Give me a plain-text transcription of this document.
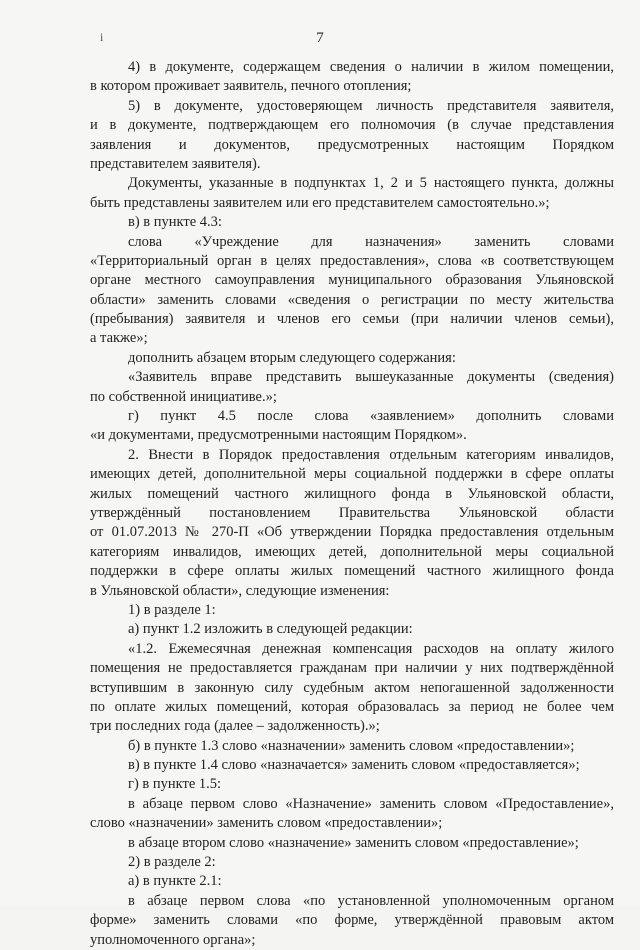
i	7
4) в документе, содержащем сведения о наличии в жилом помещении,
в котором проживает заявитель, печного отопления;
5) в документе, удостоверяющем личность представителя заявителя,
и в документе, подтверждающем его полномочия (в случае представления
заявления и документов, предусмотренных настоящим Порядком
представителем заявителя).
Документы, указанные в подпунктах 1, 2 и 5 настоящего пункта, должны
быть представлены заявителем или его представителем самостоятельно.»;
в) в пункте 4.3:
слова «Учреждение для назначения» заменить словами
«Территориальный орган в целях предоставления», слова «в соответствующем
органе местного самоуправления муниципального образования Ульяновской
области» заменить словами «сведения о регистрации по месту жительства
(пребывания) заявителя и членов его семьи (при наличии членов семьи),
а также»;
дополнить абзацем вторым следующего содержания:
«Заявитель вправе представить вышеуказанные документы (сведения)
по собственной инициативе.»;
г) пункт 4.5 после слова «заявлением» дополнить словами
«и документами, предусмотренными настоящим Порядком».
2. Внести в Порядок предоставления отдельным категориям инвалидов,
имеющих детей, дополнительной меры социальной поддержки в сфере оплаты
жилых помещений частного жилищного фонда в Ульяновской области,
утверждённый постановлением Правительства Ульяновской области
от 01.07.2013 № 270-П «Об утверждении Порядка предоставления отдельным
категориям инвалидов, имеющих детей, дополнительной меры социальной
поддержки в сфере оплаты жилых помещений частного жилищного фонда
в Ульяновской области», следующие изменения:
1) в разделе 1:
а) пункт 1.2 изложить в следующей редакции:
«1.2. Ежемесячная денежная компенсация расходов на оплату жилого
помещения не предоставляется гражданам при наличии у них подтверждённой
вступившим в законную силу судебным актом непогашенной задолженности
по оплате жилых помещений, которая образовалась за период не более чем
три последних года (далее – задолженность).»;
б) в пункте 1.3 слово «назначении» заменить словом «предоставлении»;
в) в пункте 1.4 слово «назначается» заменить словом «предоставляется»;
г) в пункте 1.5:
в абзаце первом слово «Назначение» заменить словом «Предоставление»,
слово «назначении» заменить словом «предоставлении»;
в абзаце втором слово «назначение» заменить словом «предоставление»;
2) в разделе 2:
а) в пункте 2.1:
в абзаце первом слова «по установленной уполномоченным органом
форме» заменить словами «по форме, утверждённой правовым актом
уполномоченного органа»;
